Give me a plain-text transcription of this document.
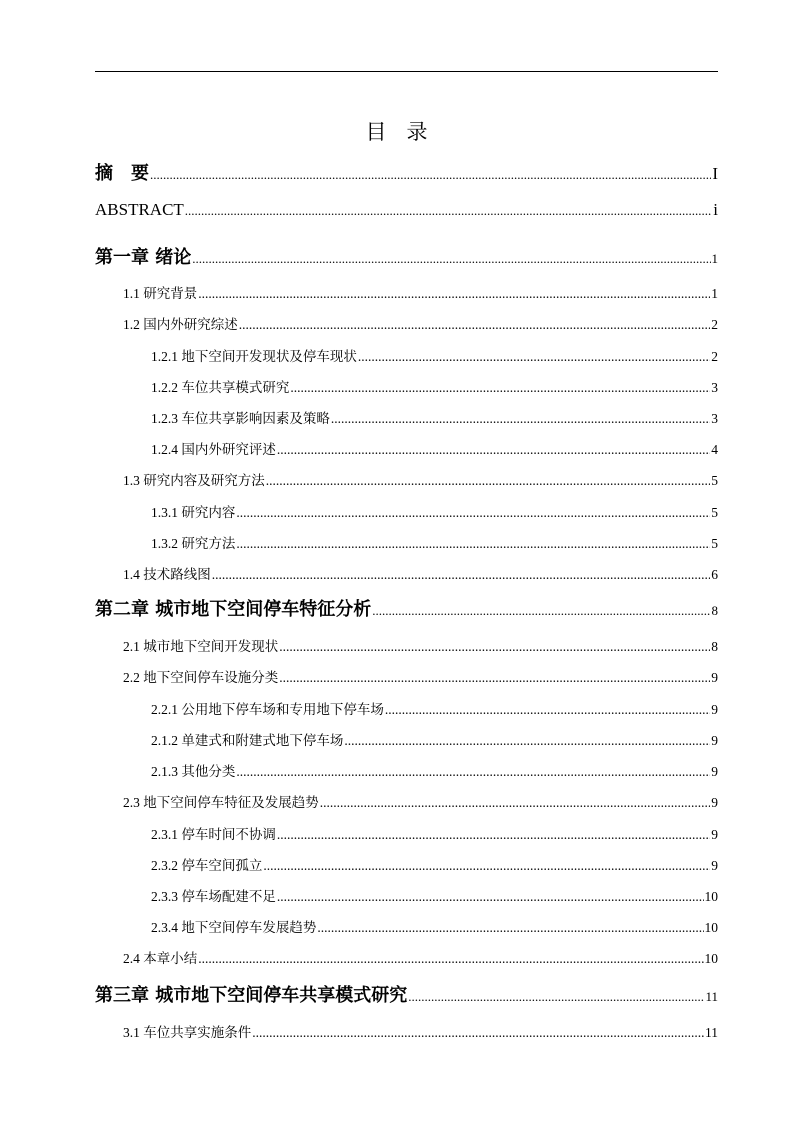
目 录
摘　要 .....	I
ABSTRACT .....	i
第一章 绪论 .....	1
1.1 研究背景 .....	1
1.2 国内外研究综述 .....	2
1.2.1 地下空间开发现状及停车现状 .....	2
1.2.2 车位共享模式研究 .....	3
1.2.3 车位共享影响因素及策略 .....	3
1.2.4 国内外研究评述 .....	4
1.3 研究内容及研究方法 .....	5
1.3.1 研究内容 .....	5
1.3.2 研究方法 .....	5
1.4 技术路线图 .....	6
第二章 城市地下空间停车特征分析 .....	8
2.1 城市地下空间开发现状 .....	8
2.2 地下空间停车设施分类 .....	9
2.2.1 公用地下停车场和专用地下停车场 .....	9
2.1.2 单建式和附建式地下停车场 .....	9
2.1.3 其他分类 .....	9
2.3 地下空间停车特征及发展趋势 .....	9
2.3.1 停车时间不协调 .....	9
2.3.2 停车空间孤立 .....	9
2.3.3 停车场配建不足 .....	10
2.3.4 地下空间停车发展趋势 .....	10
2.4 本章小结 .....	10
第三章 城市地下空间停车共享模式研究 .....	11
3.1 车位共享实施条件 .....	11
